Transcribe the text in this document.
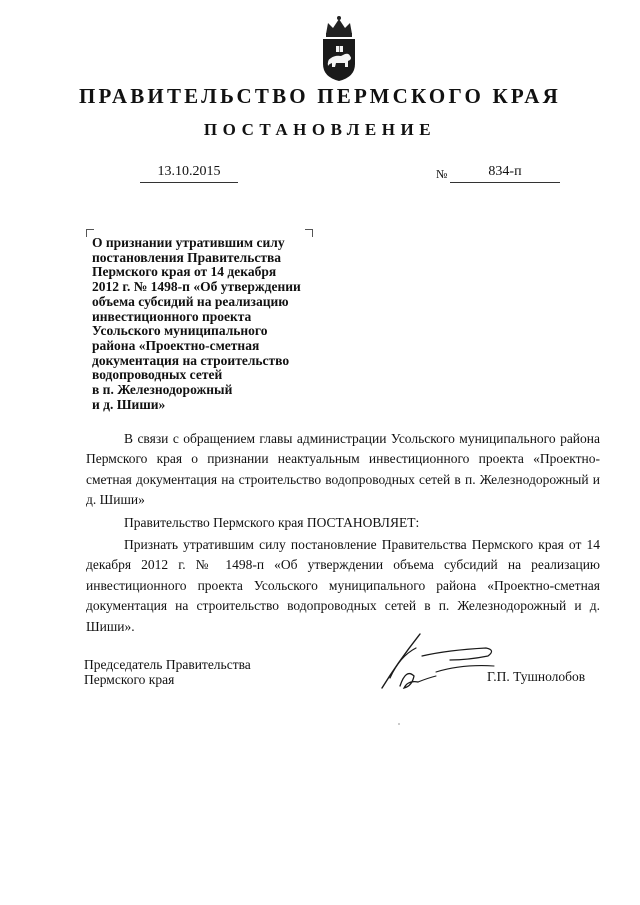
ПРАВИТЕЛЬСТВО ПЕРМСКОГО КРАЯ
ПОСТАНОВЛЕНИЕ
13.10.2015	№	834-п
О признании утратившим силу
постановления Правительства
Пермского края от 14 декабря
2012 г. № 1498-п «Об утверждении
объема субсидий на реализацию
инвестиционного проекта
Усольского муниципального
района «Проектно-сметная
документация на строительство
водопроводных сетей
в п. Железнодорожный
и д. Шиши»

В связи с обращением главы администрации Усольского муниципального района Пермского края о признании неактуальным инвестиционного проекта «Проектно-сметная документация на строительство водопроводных сетей в п. Железнодорожный и д. Шиши»

Правительство Пермского края ПОСТАНОВЛЯЕТ:

Признать утратившим силу постановление Правительства Пермского края от 14 декабря 2012 г. № 1498-п «Об утверждении объема субсидий на реализацию инвестиционного проекта Усольского муниципального района «Проектно-сметная документация на строительство водопроводных сетей в п. Железнодорожный и д. Шиши».

Председатель Правительства
Пермского края	Г.П. Тушнолобов
